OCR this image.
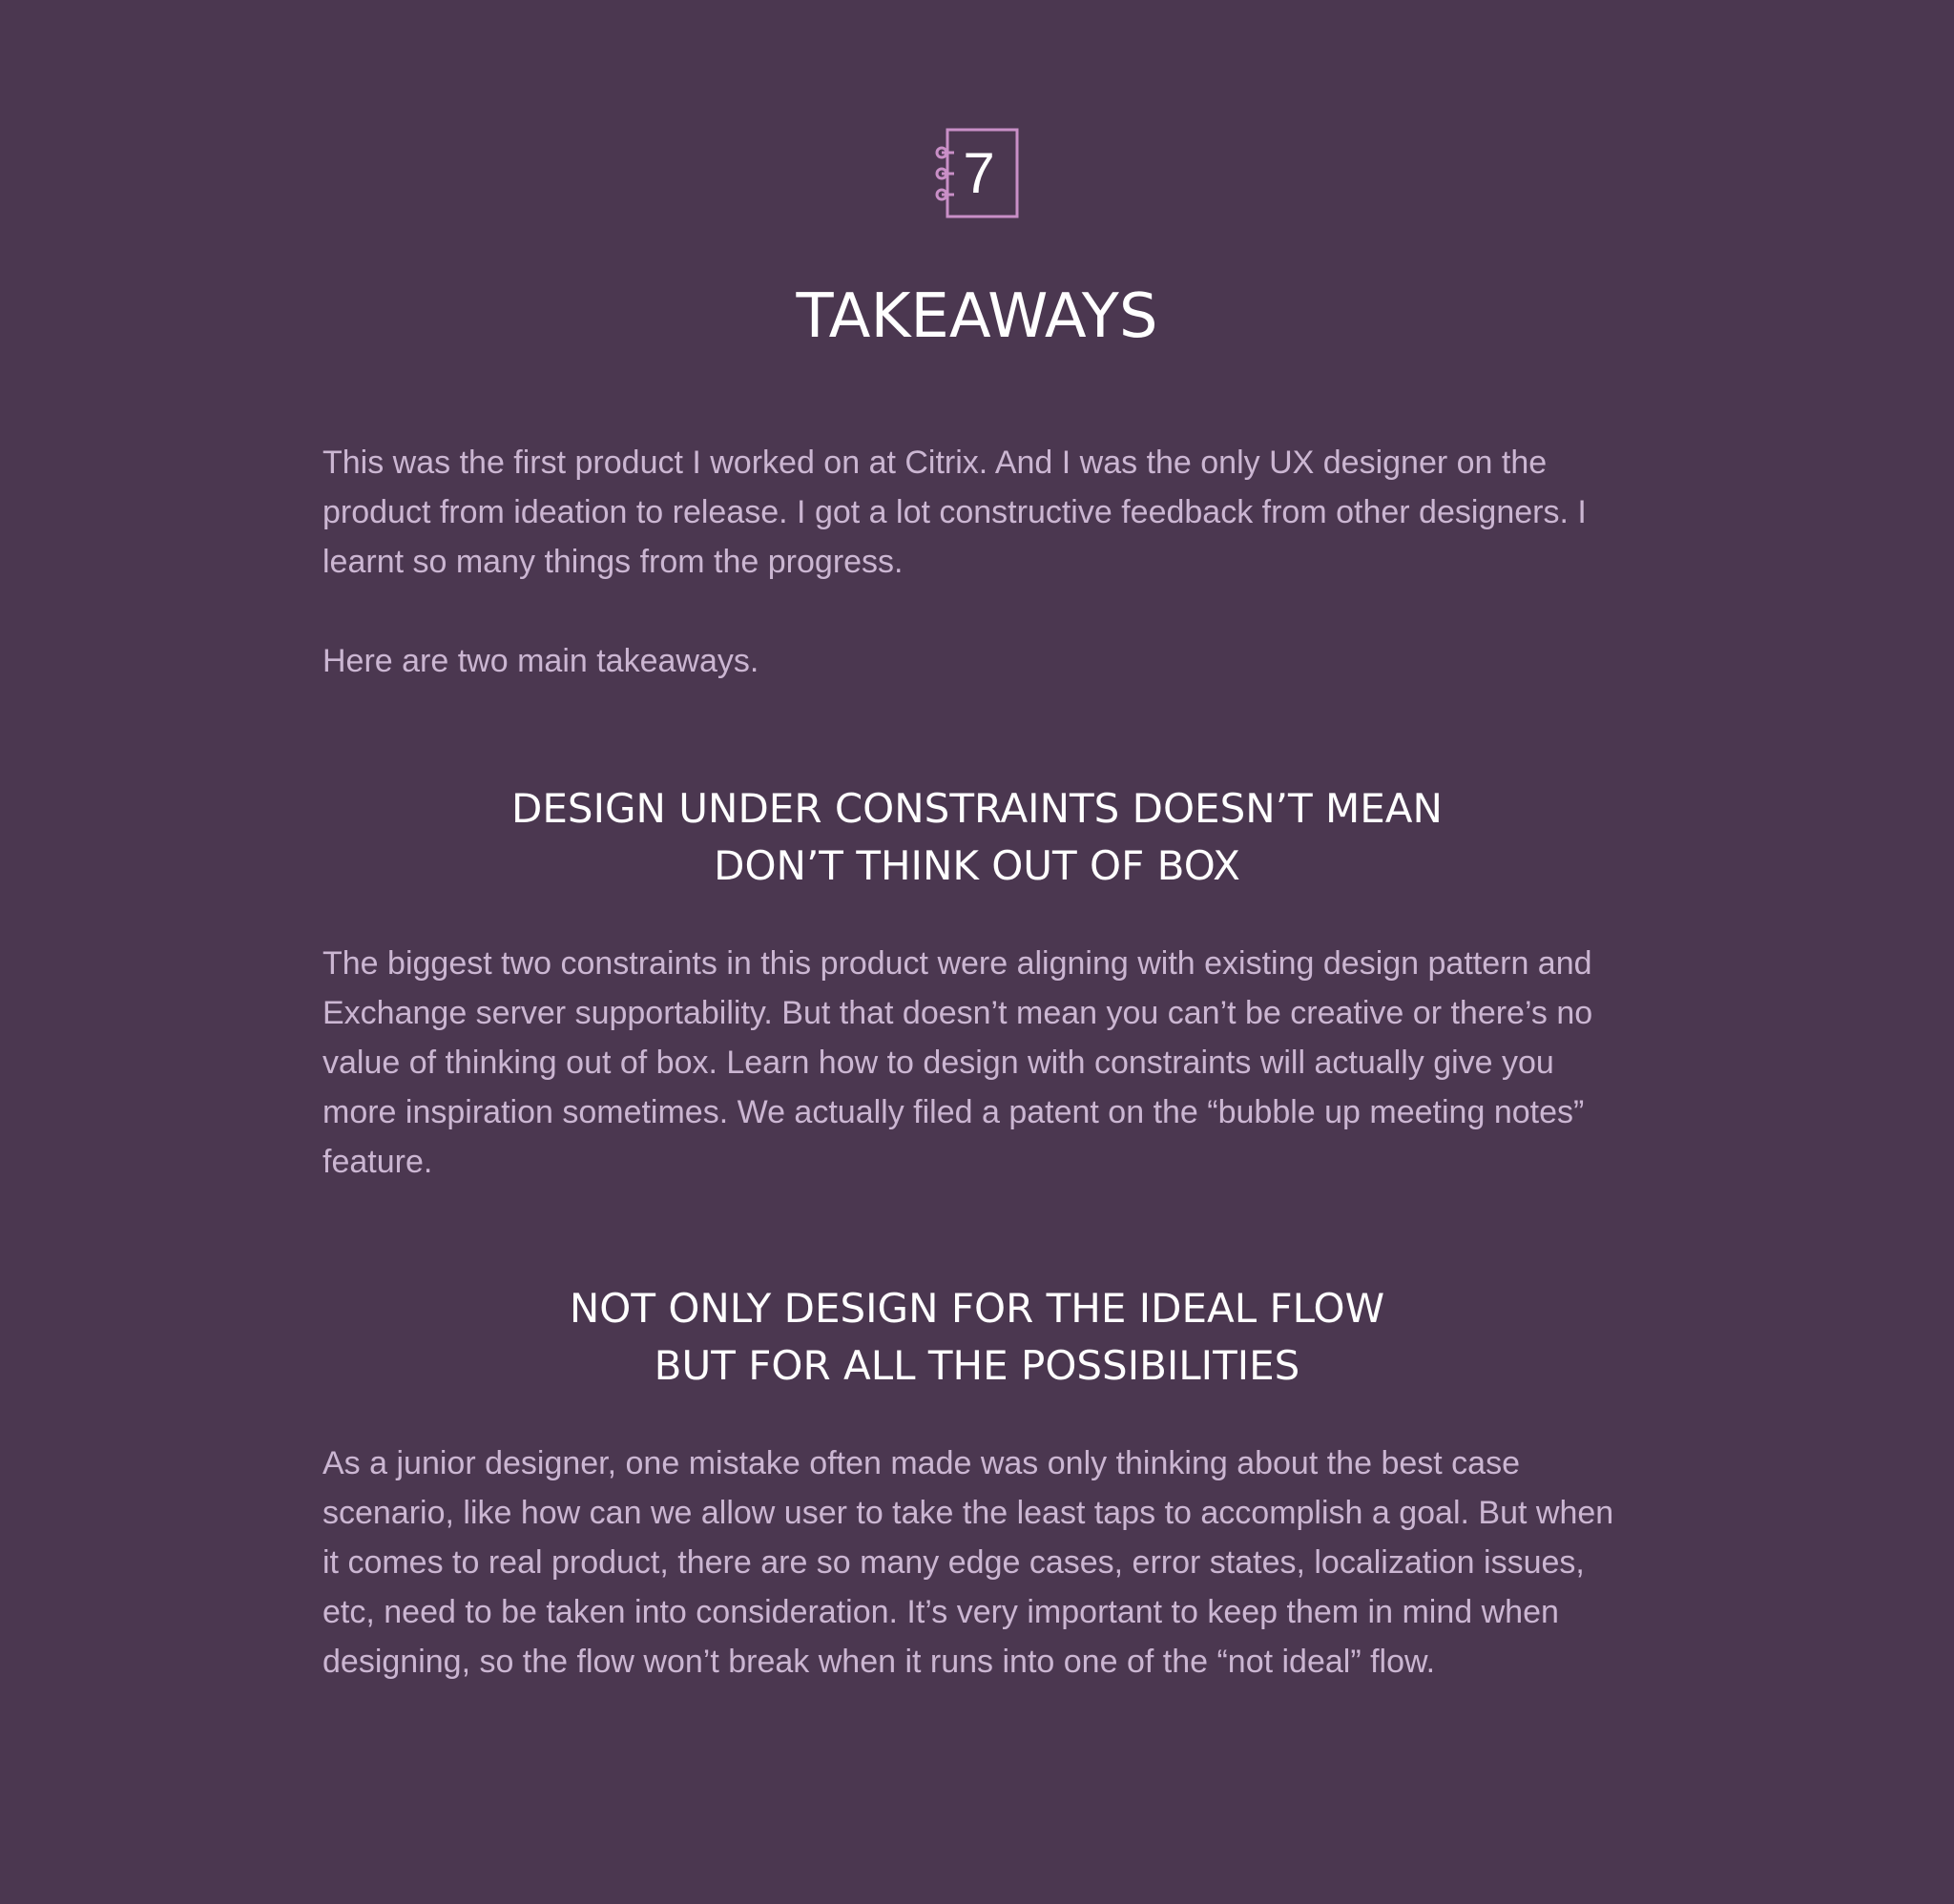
7
TAKEAWAYS

This was the first product I worked on at Citrix. And I was the only UX designer on the product from ideation to release. I got a lot constructive feedback from other designers. I learnt so many things from the progress.

Here are two main takeaways.

DESIGN UNDER CONSTRAINTS DOESN’T MEAN
DON’T THINK OUT OF BOX

The biggest two constraints in this product were aligning with existing design pattern and Exchange server supportability. But that doesn’t mean you can’t be creative or there’s no value of thinking out of box. Learn how to design with constraints will actually give you more inspiration sometimes. We actually filed a patent on the “bubble up meeting notes” feature.

NOT ONLY DESIGN FOR THE IDEAL FLOW
BUT FOR ALL THE POSSIBILITIES

As a junior designer, one mistake often made was only thinking about the best case scenario, like how can we allow user to take the least taps to accomplish a goal. But when it comes to real product, there are so many edge cases, error states, localization issues, etc, need to be taken into consideration. It’s very important to keep them in mind when designing, so the flow won’t break when it runs into one of the “not ideal” flow.
